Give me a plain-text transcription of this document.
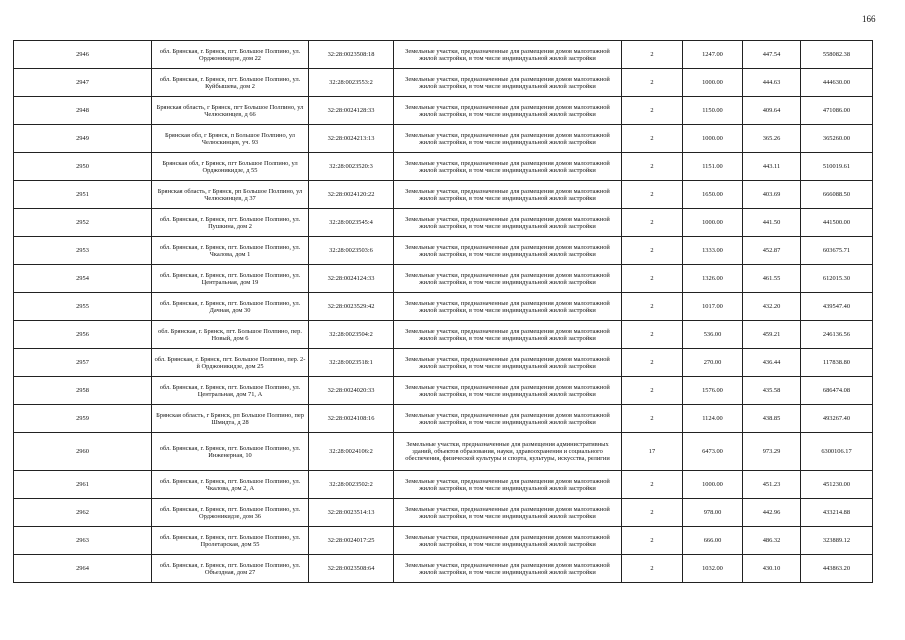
166
2946	обл. Брянская, г. Брянск, пгт. Большое Полпино, ул. Орджоникидзе, дом 22	32:28:0023508:18	Земельные участки, предназначенные для размещения домов малоэтажной жилой застройки, в том числе индивидуальной жилой застройки	2	1247.00	447.54	558082.38
2947	обл. Брянская, г. Брянск, пгт. Большое Полпино, ул. Куйбышева, дом 2	32:28:0023553:2	Земельные участки, предназначенные для размещения домов малоэтажной жилой застройки, в том числе индивидуальной жилой застройки	2	1000.00	444.63	444630.00
2948	Брянская область, г Брянск, пгт Большое Полпино, ул Челюскинцев, д 66	32:28:0024128:33	Земельные участки, предназначенные для размещения домов малоэтажной жилой застройки, в том числе индивидуальной жилой застройки	2	1150.00	409.64	471086.00
2949	Брянская обл, г Брянск, п Большое Полпино, ул Челюскинцев, уч. 93	32:28:0024213:13	Земельные участки, предназначенные для размещения домов малоэтажной жилой застройки, в том числе индивидуальной жилой застройки	2	1000.00	365.26	365260.00
2950	Брянская обл, г Брянск, пгт Большое Полпино, ул Орджоникидзе, д 55	32:28:0023520:3	Земельные участки, предназначенные для размещения домов малоэтажной жилой застройки, в том числе индивидуальной жилой застройки	2	1151.00	443.11	510019.61
2951	Брянская область, г Брянск, рп Большое Полпино, ул Челюскинцев, д 37	32:28:0024120:22	Земельные участки, предназначенные для размещения домов малоэтажной жилой застройки, в том числе индивидуальной жилой застройки	2	1650.00	403.69	666088.50
2952	обл. Брянская, г. Брянск, пгт. Большое Полпино, ул. Пушкина, дом 2	32:28:0023545:4	Земельные участки, предназначенные для размещения домов малоэтажной жилой застройки, в том числе индивидуальной жилой застройки	2	1000.00	441.50	441500.00
2953	обл. Брянская, г. Брянск, пгт. Большое Полпино, ул. Чкалова, дом 1	32:28:0023503:6	Земельные участки, предназначенные для размещения домов малоэтажной жилой застройки, в том числе индивидуальной жилой застройки	2	1333.00	452.87	603675.71
2954	обл. Брянская, г. Брянск, пгт. Большое Полпино, ул. Центральная, дом 19	32:28:0024124:33	Земельные участки, предназначенные для размещения домов малоэтажной жилой застройки, в том числе индивидуальной жилой застройки	2	1326.00	461.55	612015.30
2955	обл. Брянская, г. Брянск, пгт. Большое Полпино, ул. Дачная, дом 30	32:28:0023529:42	Земельные участки, предназначенные для размещения домов малоэтажной жилой застройки, в том числе индивидуальной жилой застройки	2	1017.00	432.20	439547.40
2956	обл. Брянская, г. Брянск, пгт. Большое Полпино, пер. Новый, дом 6	32:28:0023504:2	Земельные участки, предназначенные для размещения домов малоэтажной жилой застройки, в том числе индивидуальной жилой застройки	2	536.00	459.21	246136.56
2957	обл. Брянская, г. Брянск, пгт. Большое Полпино, пер. 2-й Орджоникидзе, дом 25	32:28:0023518:1	Земельные участки, предназначенные для размещения домов малоэтажной жилой застройки, в том числе индивидуальной жилой застройки	2	270.00	436.44	117838.80
2958	обл. Брянская, г. Брянск, пгт. Большое Полпино, ул. Центральная, дом 71, А	32:28:0024020:33	Земельные участки, предназначенные для размещения домов малоэтажной жилой застройки, в том числе индивидуальной жилой застройки	2	1576.00	435.58	686474.08
2959	Брянская область, г Брянск, рп Большое Полпино, пер Шмидта, д 28	32:28:0024108:16	Земельные участки, предназначенные для размещения домов малоэтажной жилой застройки, в том числе индивидуальной жилой застройки	2	1124.00	438.85	493267.40
2960	обл. Брянская, г. Брянск, пгт. Большое Полпино, ул. Инженерная, 10	32:28:0024106:2	Земельные участки, предназначенные для размещения административных зданий, объектов образования, науки, здравоохранения и социального обеспечения, физической культуры и спорта, культуры, искусства, религии	17	6473.00	973.29	6300106.17
2961	обл. Брянская, г. Брянск, пгт. Большое Полпино, ул. Чкалова, дом 2, А	32:28:0023502:2	Земельные участки, предназначенные для размещения домов малоэтажной жилой застройки, в том числе индивидуальной жилой застройки	2	1000.00	451.23	451230.00
2962	обл. Брянская, г. Брянск, пгт. Большое Полпино, ул. Орджоникидзе, дом 36	32:28:0023514:13	Земельные участки, предназначенные для размещения домов малоэтажной жилой застройки, в том числе индивидуальной жилой застройки	2	978.00	442.96	433214.88
2963	обл. Брянская, г. Брянск, пгт. Большое Полпино, ул. Пролетарская, дом 55	32:28:0024017:25	Земельные участки, предназначенные для размещения домов малоэтажной жилой застройки, в том числе индивидуальной жилой застройки	2	666.00	486.32	323889.12
2964	обл. Брянская, г. Брянск, пгт. Большое Полпино, ул. Объездная, дом 27	32:28:0023508:64	Земельные участки, предназначенные для размещения домов малоэтажной жилой застройки, в том числе индивидуальной жилой застройки	2	1032.00	430.10	443863.20
